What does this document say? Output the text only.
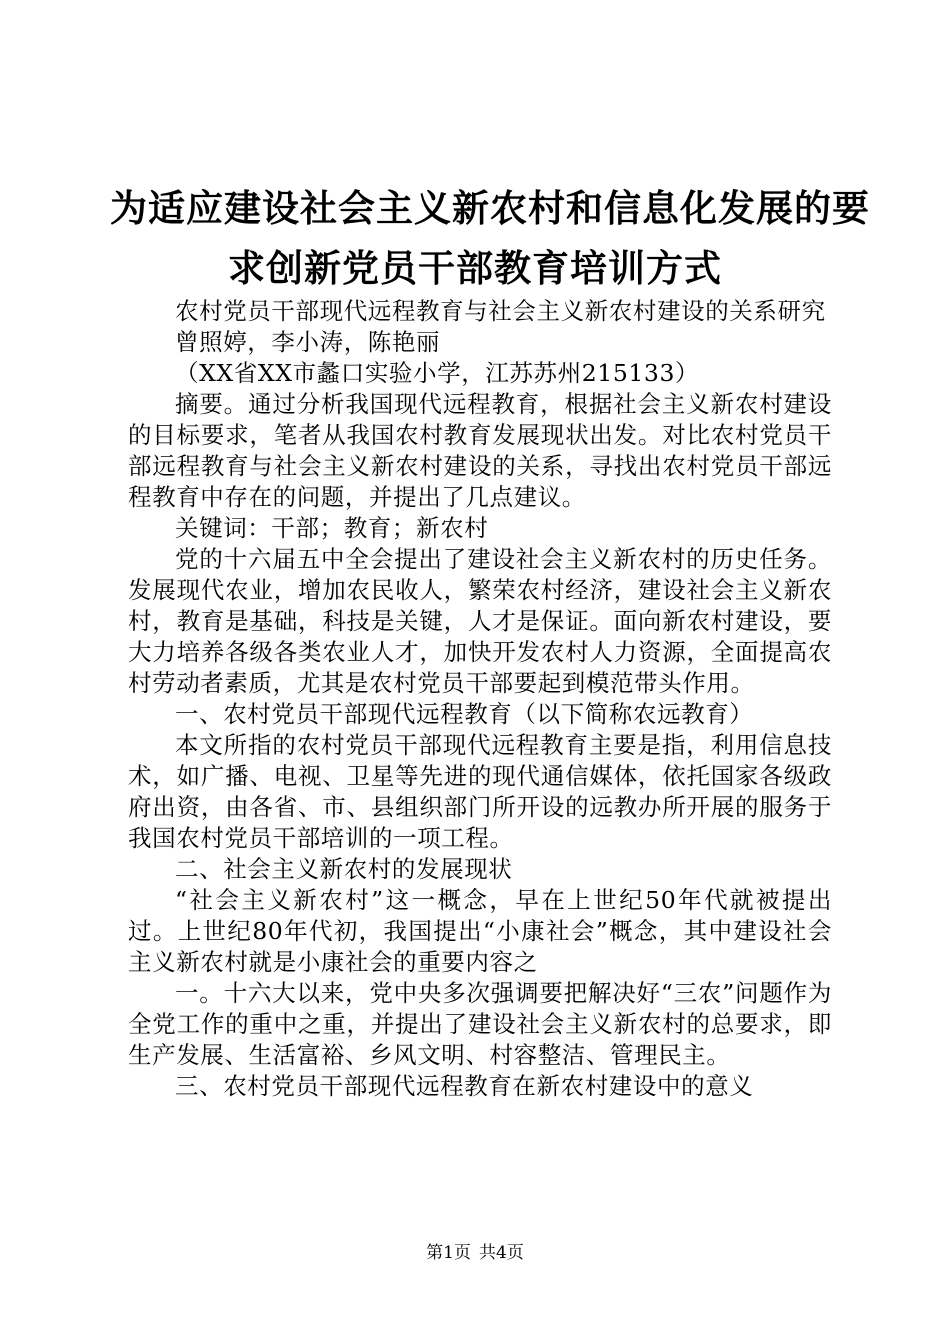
为适应建设社会主义新农村和信息化发展的要
求创新党员干部教育培训方式

农村党员干部现代远程教育与社会主义新农村建设的关系研究

曾照婷，李小涛，陈艳丽

（XX省XX市蠡口实验小学，江苏苏州215133）

摘要。通过分析我国现代远程教育，根据社会主义新农村建设的目标要求，笔者从我国农村教育发展现状出发。对比农村党员干部远程教育与社会主义新农村建设的关系，寻找出农村党员干部远程教育中存在的问题，并提出了几点建议。

关键词：干部；教育；新农村

党的十六届五中全会提出了建设社会主义新农村的历史任务。发展现代农业，增加农民收人，繁荣农村经济，建设社会主义新农村，教育是基础，科技是关键，人才是保证。面向新农村建设，要大力培养各级各类农业人才，加快开发农村人力资源，全面提高农村劳动者素质，尤其是农村党员干部要起到模范带头作用。

一、农村党员干部现代远程教育（以下简称农远教育）

本文所指的农村党员干部现代远程教育主要是指，利用信息技术，如广播、电视、卫星等先进的现代通信媒体，依托国家各级政府出资，由各省、市、县组织部门所开设的远教办所开展的服务于我国农村党员干部培训的一项工程。

二、社会主义新农村的发展现状

“社会主义新农村”这一概念，早在上世纪50年代就被提出过。上世纪80年代初，我国提出“小康社会”概念，其中建设社会主义新农村就是小康社会的重要内容之

一。十六大以来，党中央多次强调要把解决好“三农”问题作为全党工作的重中之重，并提出了建设社会主义新农村的总要求，即生产发展、生活富裕、乡风文明、村容整洁、管理民主。

三、农村党员干部现代远程教育在新农村建设中的意义

第1页 共4页
